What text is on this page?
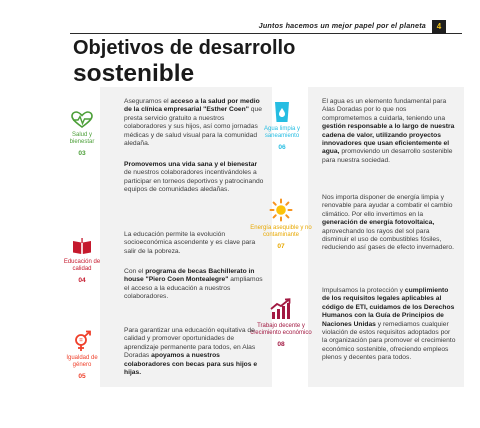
Juntos hacemos un mejor papel por el planeta	4
Objetivos de desarrollo
sostenible
Salud y bienestar
03
Educación de calidad
04
=
Igualdad de género
05
Agua limpia y saneamiento
06
Energía asequible y no contaminante
07
Trabajo decente y crecimiento económico
08
Aseguramos el acceso a la salud por medio de la clínica empresarial "Esther Coen" que presta servicio gratuito a nuestros colaboradores y sus hijos, así como jornadas médicas y de salud visual para la comunidad aledaña.
Promovemos una vida sana y el bienestar de nuestros colaboradores incentivándoles a participar en torneos deportivos y patrocinando equipos de comunidades aledañas.
La educación permite la evolución socioeconómica ascendente y es clave para salir de la pobreza.
Con el programa de becas Bachillerato in house "Piero Coen Montealegre" ampliamos el acceso a la educación a nuestros colaboradores.
Para garantizar una educación equitativa de calidad y promover oportunidades de aprendizaje permanente para todos, en Alas Doradas apoyamos a nuestros colaboradores con becas para sus hijos e hijas.
El agua es un elemento fundamental para Alas Doradas por lo que nos comprometemos a cuidarla, teniendo una gestión responsable a lo largo de nuestra cadena de valor, utilizando proyectos innovadores que usan eficientemente el agua, promoviendo un desarrollo sostenible para nuestra sociedad.
Nos importa disponer de energía limpia y renovable para ayudar a combatir el cambio climático. Por ello invertimos en la generación de energía fotovoltaica, aprovechando los rayos del sol para disminuir el uso de combustibles fósiles, reduciendo así gases de efecto invernadero.
Impulsamos la protección y cumplimiento de los requisitos legales aplicables al código de ETI, cuidamos de los Derechos Humanos con la Guía de Principios de Naciones Unidas y remediamos cualquier violación de estos requisitos adoptados por la organización para promover el crecimiento económico sostenible, ofreciendo empleos plenos y decentes para todos.
